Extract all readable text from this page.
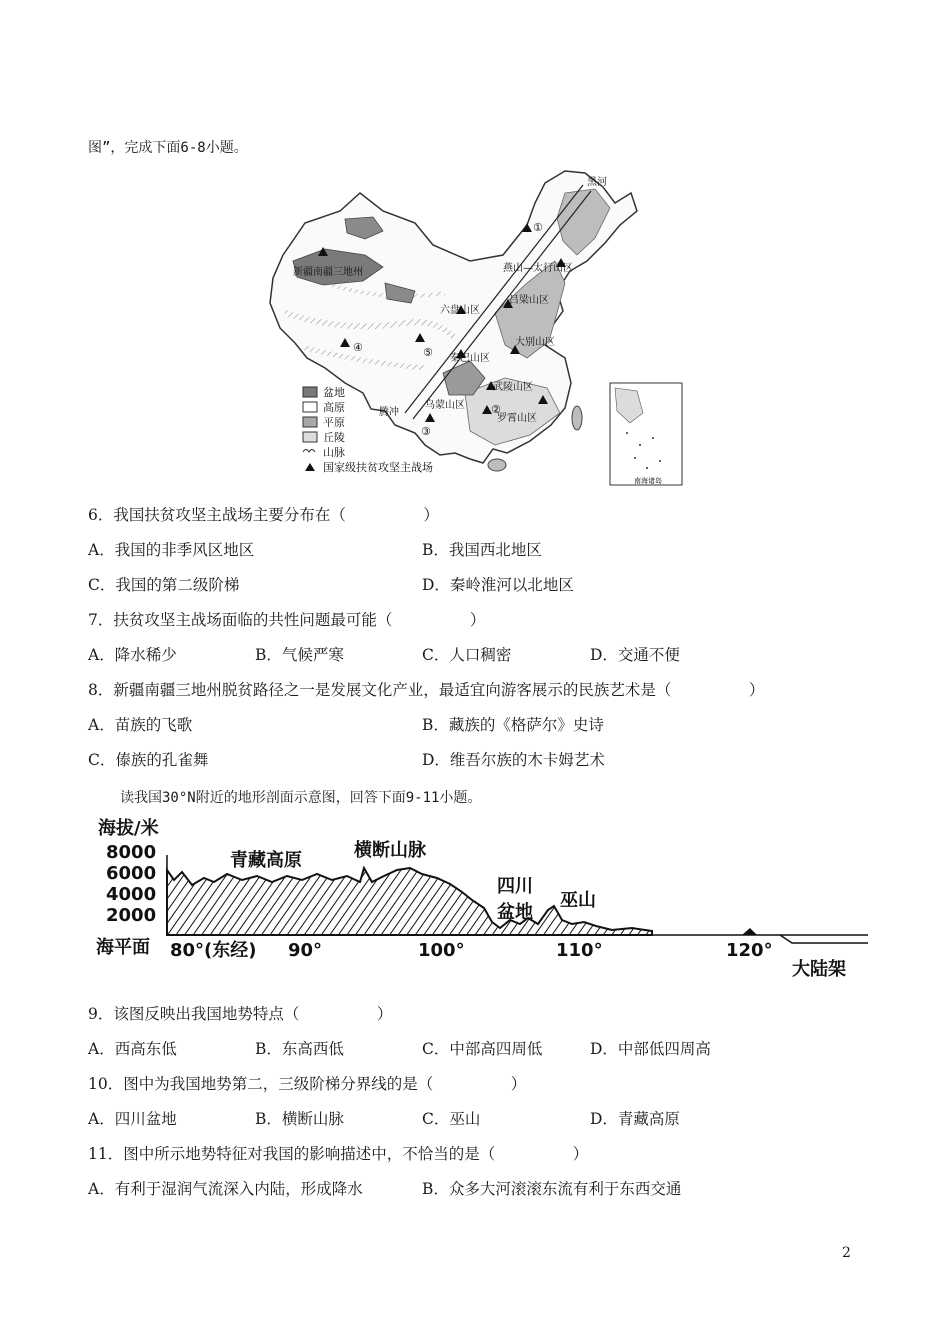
图”，完成下面6-8小题。
南海诸岛
黑河
新疆南疆三地州	燕山—太行山区
吕梁山区
六盘山区
秦巴山区
大别山区
武陵山区
乌蒙山区
罗霄山区
腾冲
①
②
③
④	⑤
盆地
高原
平原
丘陵
山脉
国家级扶贫攻坚主战场
6．我国扶贫攻坚主战场主要分布在（　　　　　）
A．我国的非季风区地区	B．我国西北地区
C．我国的第二级阶梯	D．秦岭淮河以北地区
7．扶贫攻坚主战场面临的共性问题最可能（　　　　　）
A．降水稀少	B．气候严寒	C．人口稠密	D．交通不便
8．新疆南疆三地州脱贫路径之一是发展文化产业，最适宜向游客展示的民族艺术是（　　　　　）
A．苗族的飞歌	B．藏族的《格萨尔》史诗
C．傣族的孔雀舞	D．维吾尔族的木卡姆艺术
读我国30°N附近的地形剖面示意图，回答下面9-11小题。
海拔/米
8000
6000
4000
2000
海平面 80°(东经) 90°	100°	110°	120°
青藏高原	横断山脉
四川
盆地
巫山
大陆架
9．该图反映出我国地势特点（　　　　　）
A．西高东低	B．东高西低	C．中部高四周低	D．中部低四周高
10．图中为我国地势第二，三级阶梯分界线的是（　　　　　）
A．四川盆地	B．横断山脉	C．巫山	D．青藏高原
11．图中所示地势特征对我国的影响描述中，不恰当的是（　　　　　）
A．有利于湿润气流深入内陆，形成降水	B．众多大河滚滚东流有利于东西交通
2
